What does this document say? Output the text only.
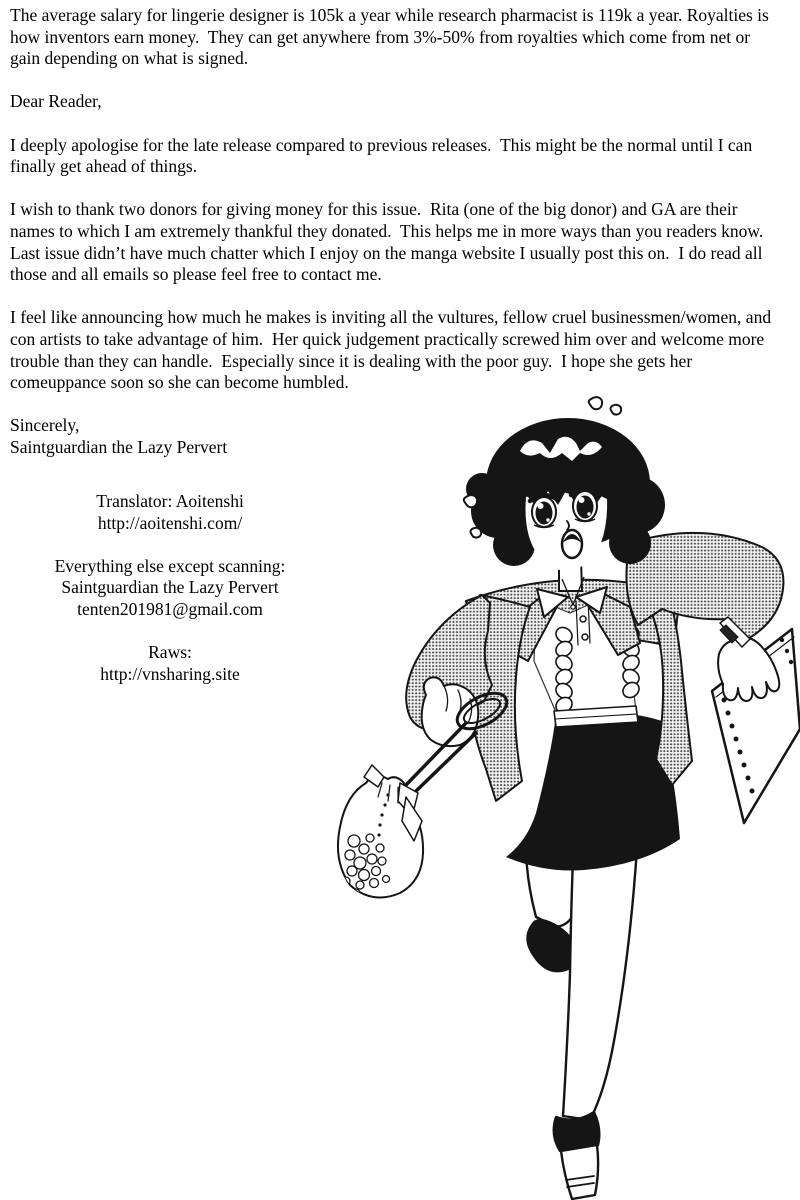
The average salary for lingerie designer is 105k a year while research pharmacist is 119k a year. Royalties is
how inventors earn money.  They can get anywhere from 3%-50% from royalties which come from net or
gain depending on what is signed.
Dear Reader,
I deeply apologise for the late release compared to previous releases.  This might be the normal until I can
finally get ahead of things.
I wish to thank two donors for giving money for this issue.  Rita (one of the big donor) and GA are their
names to which I am extremely thankful they donated.  This helps me in more ways than you readers know.
Last issue didn’t have much chatter which I enjoy on the manga website I usually post this on.  I do read all
those and all emails so please feel free to contact me.
I feel like announcing how much he makes is inviting all the vultures, fellow cruel businessmen/women, and
con artists to take advantage of him.  Her quick judgement practically screwed him over and welcome more
trouble than they can handle.  Especially since it is dealing with the poor guy.  I hope she gets her
comeuppance soon so she can become humbled.
Sincerely,
Saintguardian the Lazy Pervert
Translator: Aoitenshi
http://aoitenshi.com/
Everything else except scanning:
Saintguardian the Lazy Pervert
tenten201981@gmail.com
Raws:
http://vnsharing.site
